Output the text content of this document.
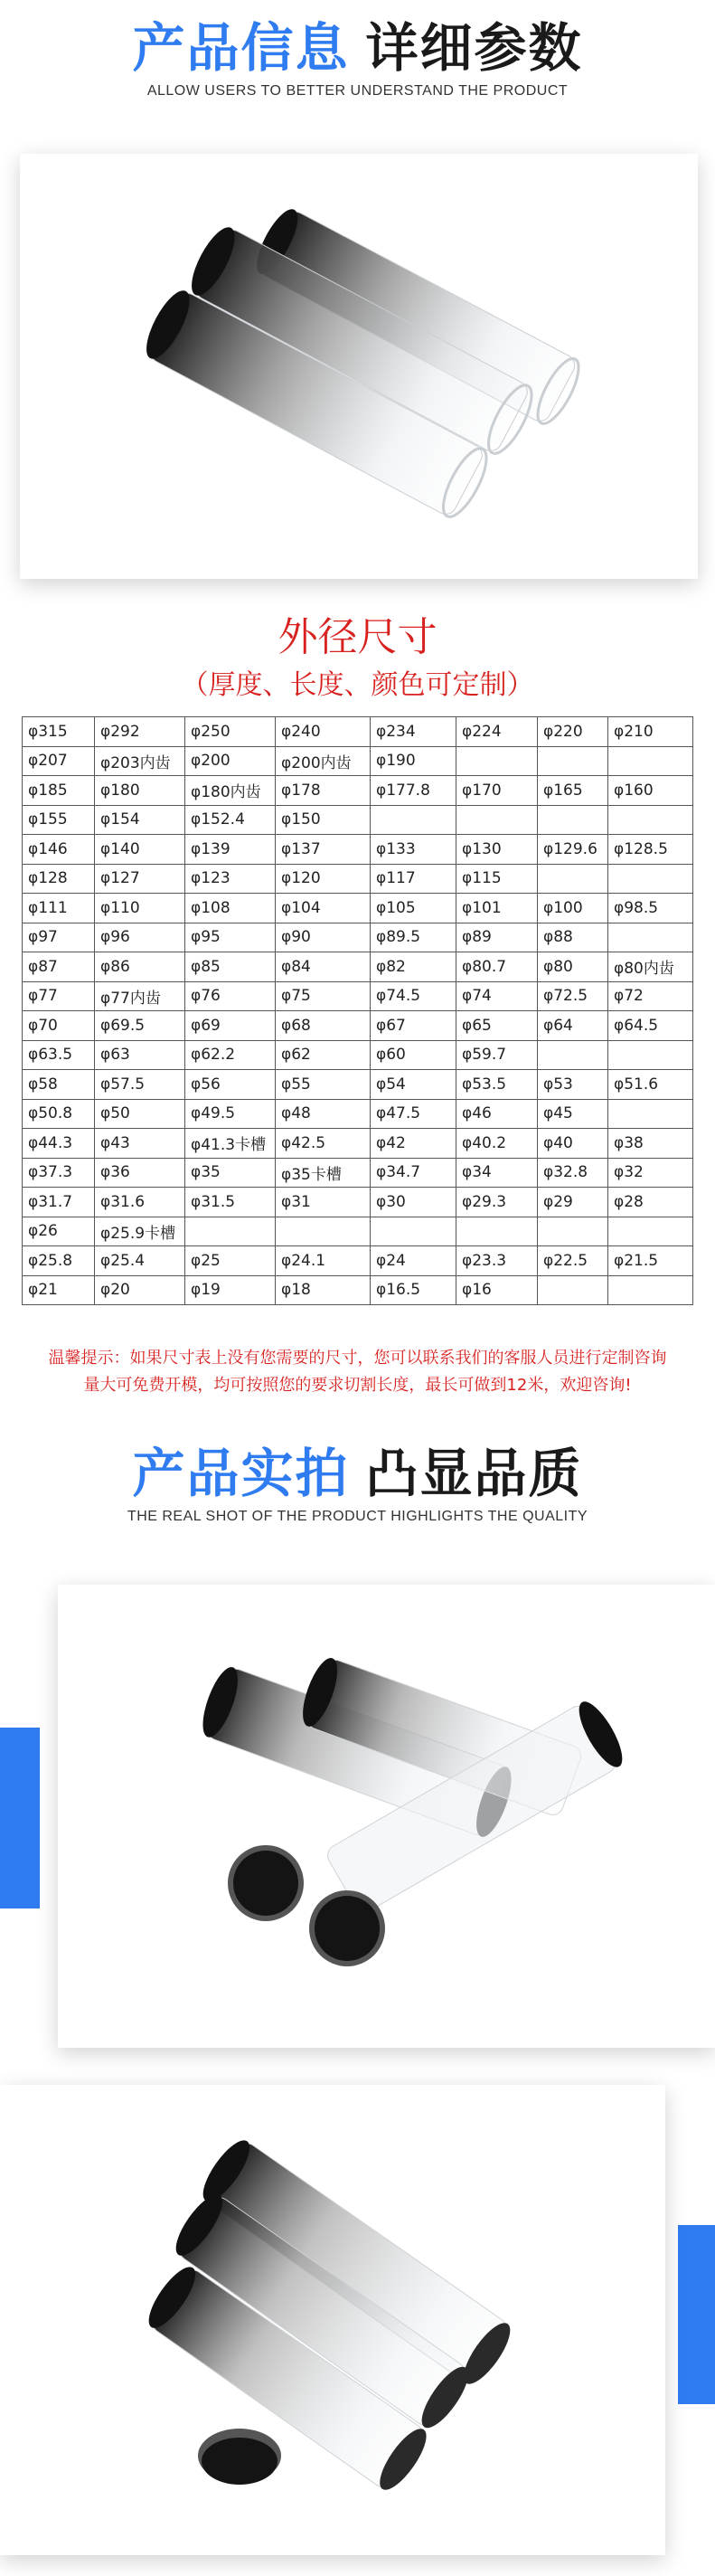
产品信息 详细参数
ALLOW USERS TO BETTER UNDERSTAND THE PRODUCT
外径尺寸
（厚度、长度、颜色可定制）
φ315	φ292	φ250	φ240	φ234	φ224	φ220	φ210
φ207	φ203内齿	φ200	φ200内齿	φ190			
φ185	φ180	φ180内齿	φ178	φ177.8	φ170	φ165	φ160
φ155	φ154	φ152.4	φ150				
φ146	φ140	φ139	φ137	φ133	φ130	φ129.6	φ128.5
φ128	φ127	φ123	φ120	φ117	φ115		
φ111	φ110	φ108	φ104	φ105	φ101	φ100	φ98.5
φ97	φ96	φ95	φ90	φ89.5	φ89	φ88	
φ87	φ86	φ85	φ84	φ82	φ80.7	φ80	φ80内齿
φ77	φ77内齿	φ76	φ75	φ74.5	φ74	φ72.5	φ72
φ70	φ69.5	φ69	φ68	φ67	φ65	φ64	φ64.5
φ63.5	φ63	φ62.2	φ62	φ60	φ59.7		
φ58	φ57.5	φ56	φ55	φ54	φ53.5	φ53	φ51.6
φ50.8	φ50	φ49.5	φ48	φ47.5	φ46	φ45	
φ44.3	φ43	φ41.3卡槽	φ42.5	φ42	φ40.2	φ40	φ38
φ37.3	φ36	φ35	φ35卡槽	φ34.7	φ34	φ32.8	φ32
φ31.7	φ31.6	φ31.5	φ31	φ30	φ29.3	φ29	φ28
φ26	φ25.9卡槽						
φ25.8	φ25.4	φ25	φ24.1	φ24	φ23.3	φ22.5	φ21.5
φ21	φ20	φ19	φ18	φ16.5	φ16		
温馨提示：如果尺寸表上没有您需要的尺寸，您可以联系我们的客服人员进行定制咨询
量大可免费开模，均可按照您的要求切割长度，最长可做到12米，欢迎咨询!
产品实拍 凸显品质
THE REAL SHOT OF THE PRODUCT HIGHLIGHTS THE QUALITY
